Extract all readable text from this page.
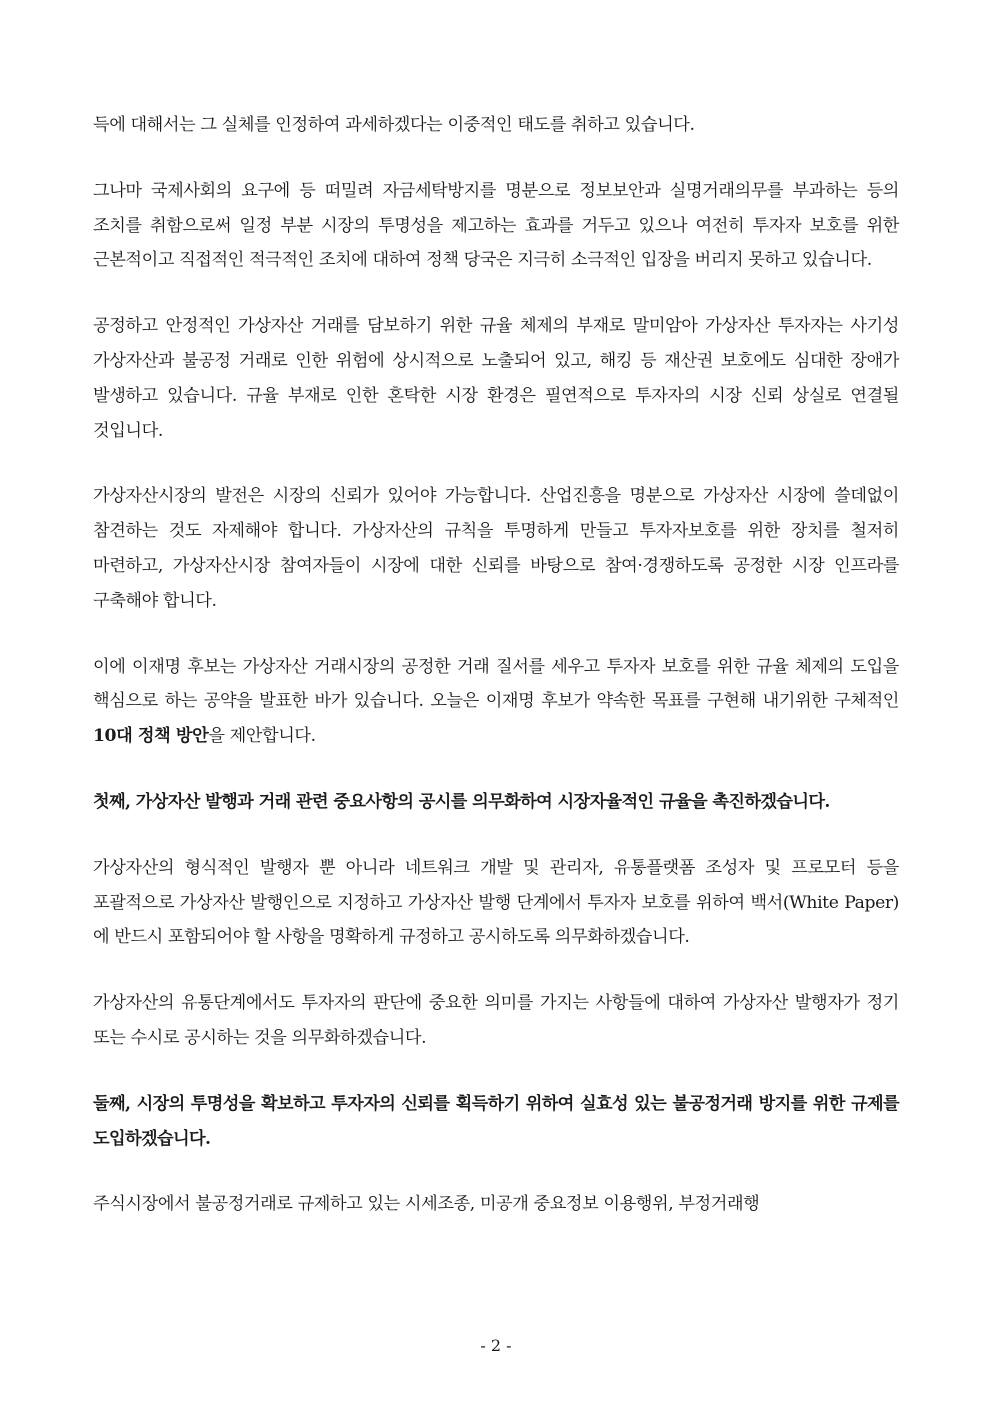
득에 대해서는 그 실체를 인정하여 과세하겠다는 이중적인 태도를 취하고 있습니다.

그나마 국제사회의 요구에 등 떠밀려 자금세탁방지를 명분으로 정보보안과 실명거래의무를 부과하는 등의 조치를 취함으로써 일정 부분 시장의 투명성을 제고하는 효과를 거두고 있으나 여전히 투자자 보호를 위한 근본적이고 직접적인 적극적인 조치에 대하여 정책 당국은 지극히 소극적인 입장을 버리지 못하고 있습니다.

공정하고 안정적인 가상자산 거래를 담보하기 위한 규율 체제의 부재로 말미암아 가상자산 투자자는 사기성 가상자산과 불공정 거래로 인한 위험에 상시적으로 노출되어 있고, 해킹 등 재산권 보호에도 심대한 장애가 발생하고 있습니다. 규율 부재로 인한 혼탁한 시장 환경은 필연적으로 투자자의 시장 신뢰 상실로 연결될 것입니다.

가상자산시장의 발전은 시장의 신뢰가 있어야 가능합니다. 산업진흥을 명분으로 가상자산 시장에 쓸데없이 참견하는 것도 자제해야 합니다. 가상자산의 규칙을 투명하게 만들고 투자자보호를 위한 장치를 철저히 마련하고, 가상자산시장 참여자들이 시장에 대한 신뢰를 바탕으로 참여·경쟁하도록 공정한 시장 인프라를 구축해야 합니다.

이에 이재명 후보는 가상자산 거래시장의 공정한 거래 질서를 세우고 투자자 보호를 위한 규율 체제의 도입을 핵심으로 하는 공약을 발표한 바가 있습니다. 오늘은 이재명 후보가 약속한 목표를 구현해 내기위한 구체적인 10대 정책 방안을 제안합니다.

첫째, 가상자산 발행과 거래 관련 중요사항의 공시를 의무화하여 시장자율적인 규율을 촉진하겠습니다.

가상자산의 형식적인 발행자 뿐 아니라 네트워크 개발 및 관리자, 유통플랫폼 조성자 및 프로모터 등을 포괄적으로 가상자산 발행인으로 지정하고 가상자산 발행 단계에서 투자자 보호를 위하여 백서(White Paper)에 반드시 포함되어야 할 사항을 명확하게 규정하고 공시하도록 의무화하겠습니다.

가상자산의 유통단계에서도 투자자의 판단에 중요한 의미를 가지는 사항들에 대하여 가상자산 발행자가 정기 또는 수시로 공시하는 것을 의무화하겠습니다.

둘째, 시장의 투명성을 확보하고 투자자의 신뢰를 획득하기 위하여 실효성 있는 불공정거래 방지를 위한 규제를 도입하겠습니다.

주식시장에서 불공정거래로 규제하고 있는 시세조종, 미공개 중요정보 이용행위, 부정거래행

- 2 -
